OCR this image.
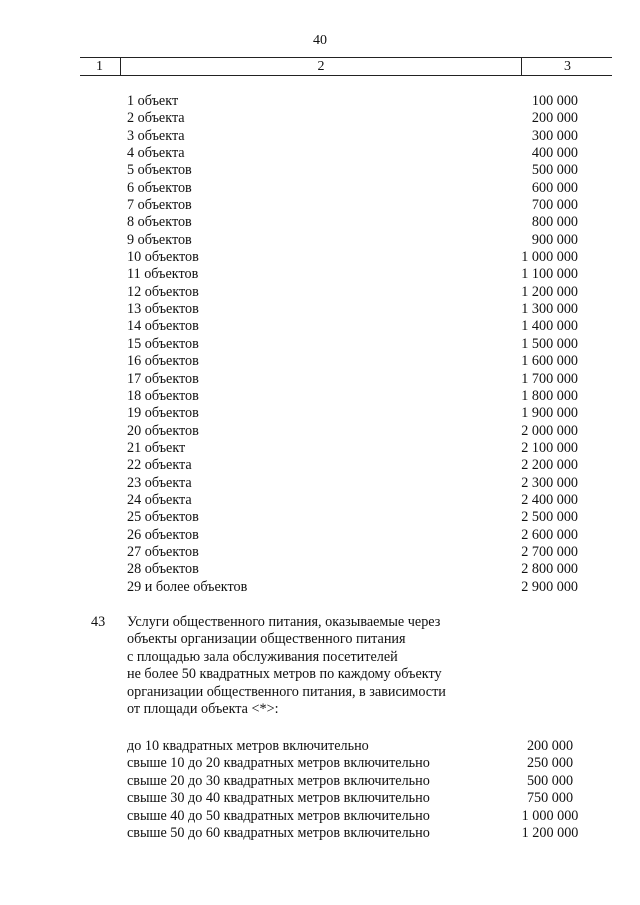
40
1	2	3
1 объект	100 000
2 объекта	200 000
3 объекта	300 000
4 объекта	400 000
5 объектов	500 000
6 объектов	600 000
7 объектов	700 000
8 объектов	800 000
9 объектов	900 000
10 объектов	1 000 000
11 объектов	1 100 000
12 объектов	1 200 000
13 объектов	1 300 000
14 объектов	1 400 000
15 объектов	1 500 000
16 объектов	1 600 000
17 объектов	1 700 000
18 объектов	1 800 000
19 объектов	1 900 000
20 объектов	2 000 000
21 объект	2 100 000
22 объекта	2 200 000
23 объекта	2 300 000
24 объекта	2 400 000
25 объектов	2 500 000
26 объектов	2 600 000
27 объектов	2 700 000
28 объектов	2 800 000
29 и более объектов	2 900 000
43 Услуги общественного питания, оказываемые через
объекты организации общественного питания
с площадью зала обслуживания посетителей
не более 50 квадратных метров по каждому объекту
организации общественного питания, в зависимости
от площади объекта <*>:
до 10 квадратных метров включительно	200 000
свыше 10 до 20 квадратных метров включительно	250 000
свыше 20 до 30 квадратных метров включительно	500 000
свыше 30 до 40 квадратных метров включительно	750 000
свыше 40 до 50 квадратных метров включительно	1 000 000
свыше 50 до 60 квадратных метров включительно	1 200 000
